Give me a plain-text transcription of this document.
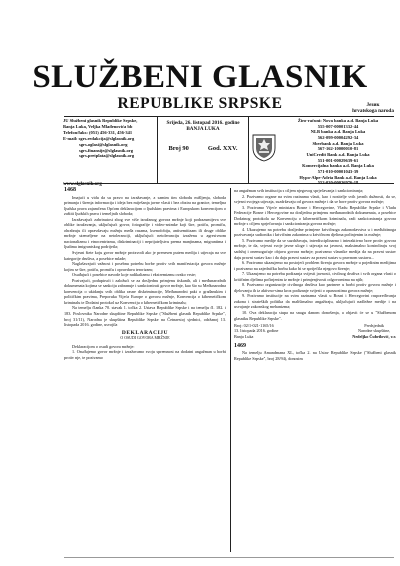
SLUŽBENI GLASNIK
REPUBLIKE SRPSKE	Језик
hrvatskoga naroda
JU Službeni glasnik Republike Srpske,
Banja Luka, Veljka Mlađenovića bb
Telefon/faks: (051) 456-331, 456-341
E-mail: sgrs.redakcija@slglasnik.org
sgrs.oglasi@slglasnik.org
sgrs.finansije@slglasnik.org
sgrs.pretplata@slglasnik.org
www.slglasnik.org
Srijeda, 26. listopad 2016. godine
BANJA LUKA
Broj 90	God. XXV.
Žiro-računi: Nova banka a.d. Banja Luka
555-007-00001332-44
NLB banka a.d. Banja Luka
562-099-00004292-34
Sberbank a.d. Banja Luka
567-162-10000010-81
UniCredit Bank a.d. Banja Luka
551-001-00029639-61
Komercijalna banka a.d. Banja Luka
571-010-00001043-39
Hypo-Alpe-Adria Bank a.d. Banja Luka
552-030-00026976-18

1468

Imajući u vidu da su pravo na izražavanje, a samim tim slobodu mišljenja, sloboda primanja i širenja informacija i ideja bez miješanja javne vlasti i bez obzira na granice, temeljna ljudska prava zajamčena Općom deklaracijom o ljudskim pravima i Europskom konvencijom o zaštiti ljudskih prava i temeljnih sloboda;

Izražavajući zabrinutost zbog sve više izražanog govora mržnje koji podrazumijeva sve oblike izražavanja, uključujući govor, fotografije i video-snimke koji šire, potiču, promiču, ohrabruju ili opravdavaju mržnju međa rasama, ksenofobiju, antisemitizam ili druge oblike mržnje utemeljene na netoleranciji, uključujući netoleranciju izraženu u agresivnom nacionalizmu i etnocentrizmu, diskriminaciji i neprijateljstvu prema manjinama, migrantima i ljudima imigrantskog podrijetla;

Svjesni štete koju govor mržnje proizvodi ako je prenesen putem medija i utjecaja na sve kategorije društva, a posebice mlade;

Naglašavajući važnost i posebnu potrebu borbe protiv svih manifestacija govora mržnje kojim se šire, potiču, promiču i opravdava terorizam;

Osuđujući i posebice navode koje radikalizmu i ekstremizmu ovako vrste;

Pozivajući, podupirući i založući se za dosljednu primjenu tiskanih, ali i međunarodnih dokumenata kojima se sankciju zabranuje i sankcionirati govor mržnje, kao što su Međunarodna konvencija o ukidanju svih oblika rasne diskriminacije, Međunarodni pakt o građanskim i političkim pravima, Preporuka Vijeća Europe o govoru mržnje, Konvencija o kibernetičkom kriminalu te Dodatni protokol uz Konvenciju o kibernetičkom kriminalu;

Na temelju članka 70. stavak 1. točka 2. Ustava Republike Srpske i na temelju čl. 182. i 183. Poslovnika Narodne skupštine Republike Srpske ("Službeni glasnik Republike Srpske", broj 31/11), Narodna je skupština Republike Srpske na Četnaestoj sjednici, održanoj 13. listopada 2016. godine, usvojila

DEKLARACIJU

O OSUDI GOVORA MRŽNJE

Deklaracijom o osudi govora mržnje:

1. Osuđujemo govor mržnje i izražavamo svoju spremnost na dodatni angažman u borbi protiv nje, te pozivamo

na angažman svih institucija s ciljem njegovog sprječavanja i sankcioniranja;

2. Pozivamo organe na svim razinama vlasti, kao i nositelje svih javnih dužnosti, da se, svjesni svojega utjecaja, suzdržavaju od govora mržnje i da se bore protiv govora mržnje;

3. Pozivamo Vijeće ministara Bosne i Hercegovine, Vladu Republike Srpske i Vladu Federacije Bosne i Hercegovine na dosljednu primjenu međunarodnih dokumenata, a posebice Dodatnog protokola uz Konvenciju o kibernetičkom kriminalu, radi sankcioniranja govora mržnje s ciljem sprječavanja i sankcioniranja govora mržnje;

4. Ukazujemo na potrebu dosljedne primjene krivičnoga zakonodavstva u i međubitnoga pozivavanja sudionika i krivičnim zakonima u krivičnom djelima počinjenim iz mržnje;

5. Pozivamo medije da se suzdržavaju, interdisciplinarno i interaktivno bore protiv govora mržnje, te da, svjesni svoje javne uloge i utjecaja na javnost, maksimalno kontroliraju svoj sadržaj i onemogućuje objavu govora mržnje; pozivamo vlasnike medija da na pravni sustav daju pravni sustav kao i da daju pravni sustav za pravni sustav u pravnom sustavu...

6. Pozivamo ukazujemo na postojeći problem širenja govora mržnje u pojedinim medijima i pozivamo na zajedničku borbu kako bi se spriječila njegovo širenje;

7. Ukazujemo na potrebu podizanja svijesti javnosti, civilnog društva i svih organa vlasti o kritičnim djelima počinjenim iz mržnje i primjenjivosti odgovornima na njih;

8. Pozivamo organizacije civilnoga društva kao partnere u borbi protiv govora mržnje i djelovanju ih iz aktivno-sima kroz podizanje svijesti o opasnostima govora mržnje;

9. Pozivamo institucije na svim razinama vlasti u Bosni i Hercegovini raspoređivanja zakona i strateških politika da mališimalno angažiraju, uključujući nadležne medije i na usvajanje zakonskog mehanizma;

10. Ova deklaracija stupa na snagu danom donošenja, a objavit će se u "Službenom glasniku Republike Srpske".

Broj: 02/1-021-1165/16
13. listopada 2016. godine
Banja Luka
Predsjednik
Narodne skupštine,
Nedeljko Čubrilović, v.r.
1469

Na temelju Amandmana XL, točka 2. na Ustav Republike Srpske ("Službeni glasnik Republike Srpske", broj 28/94), donosim
